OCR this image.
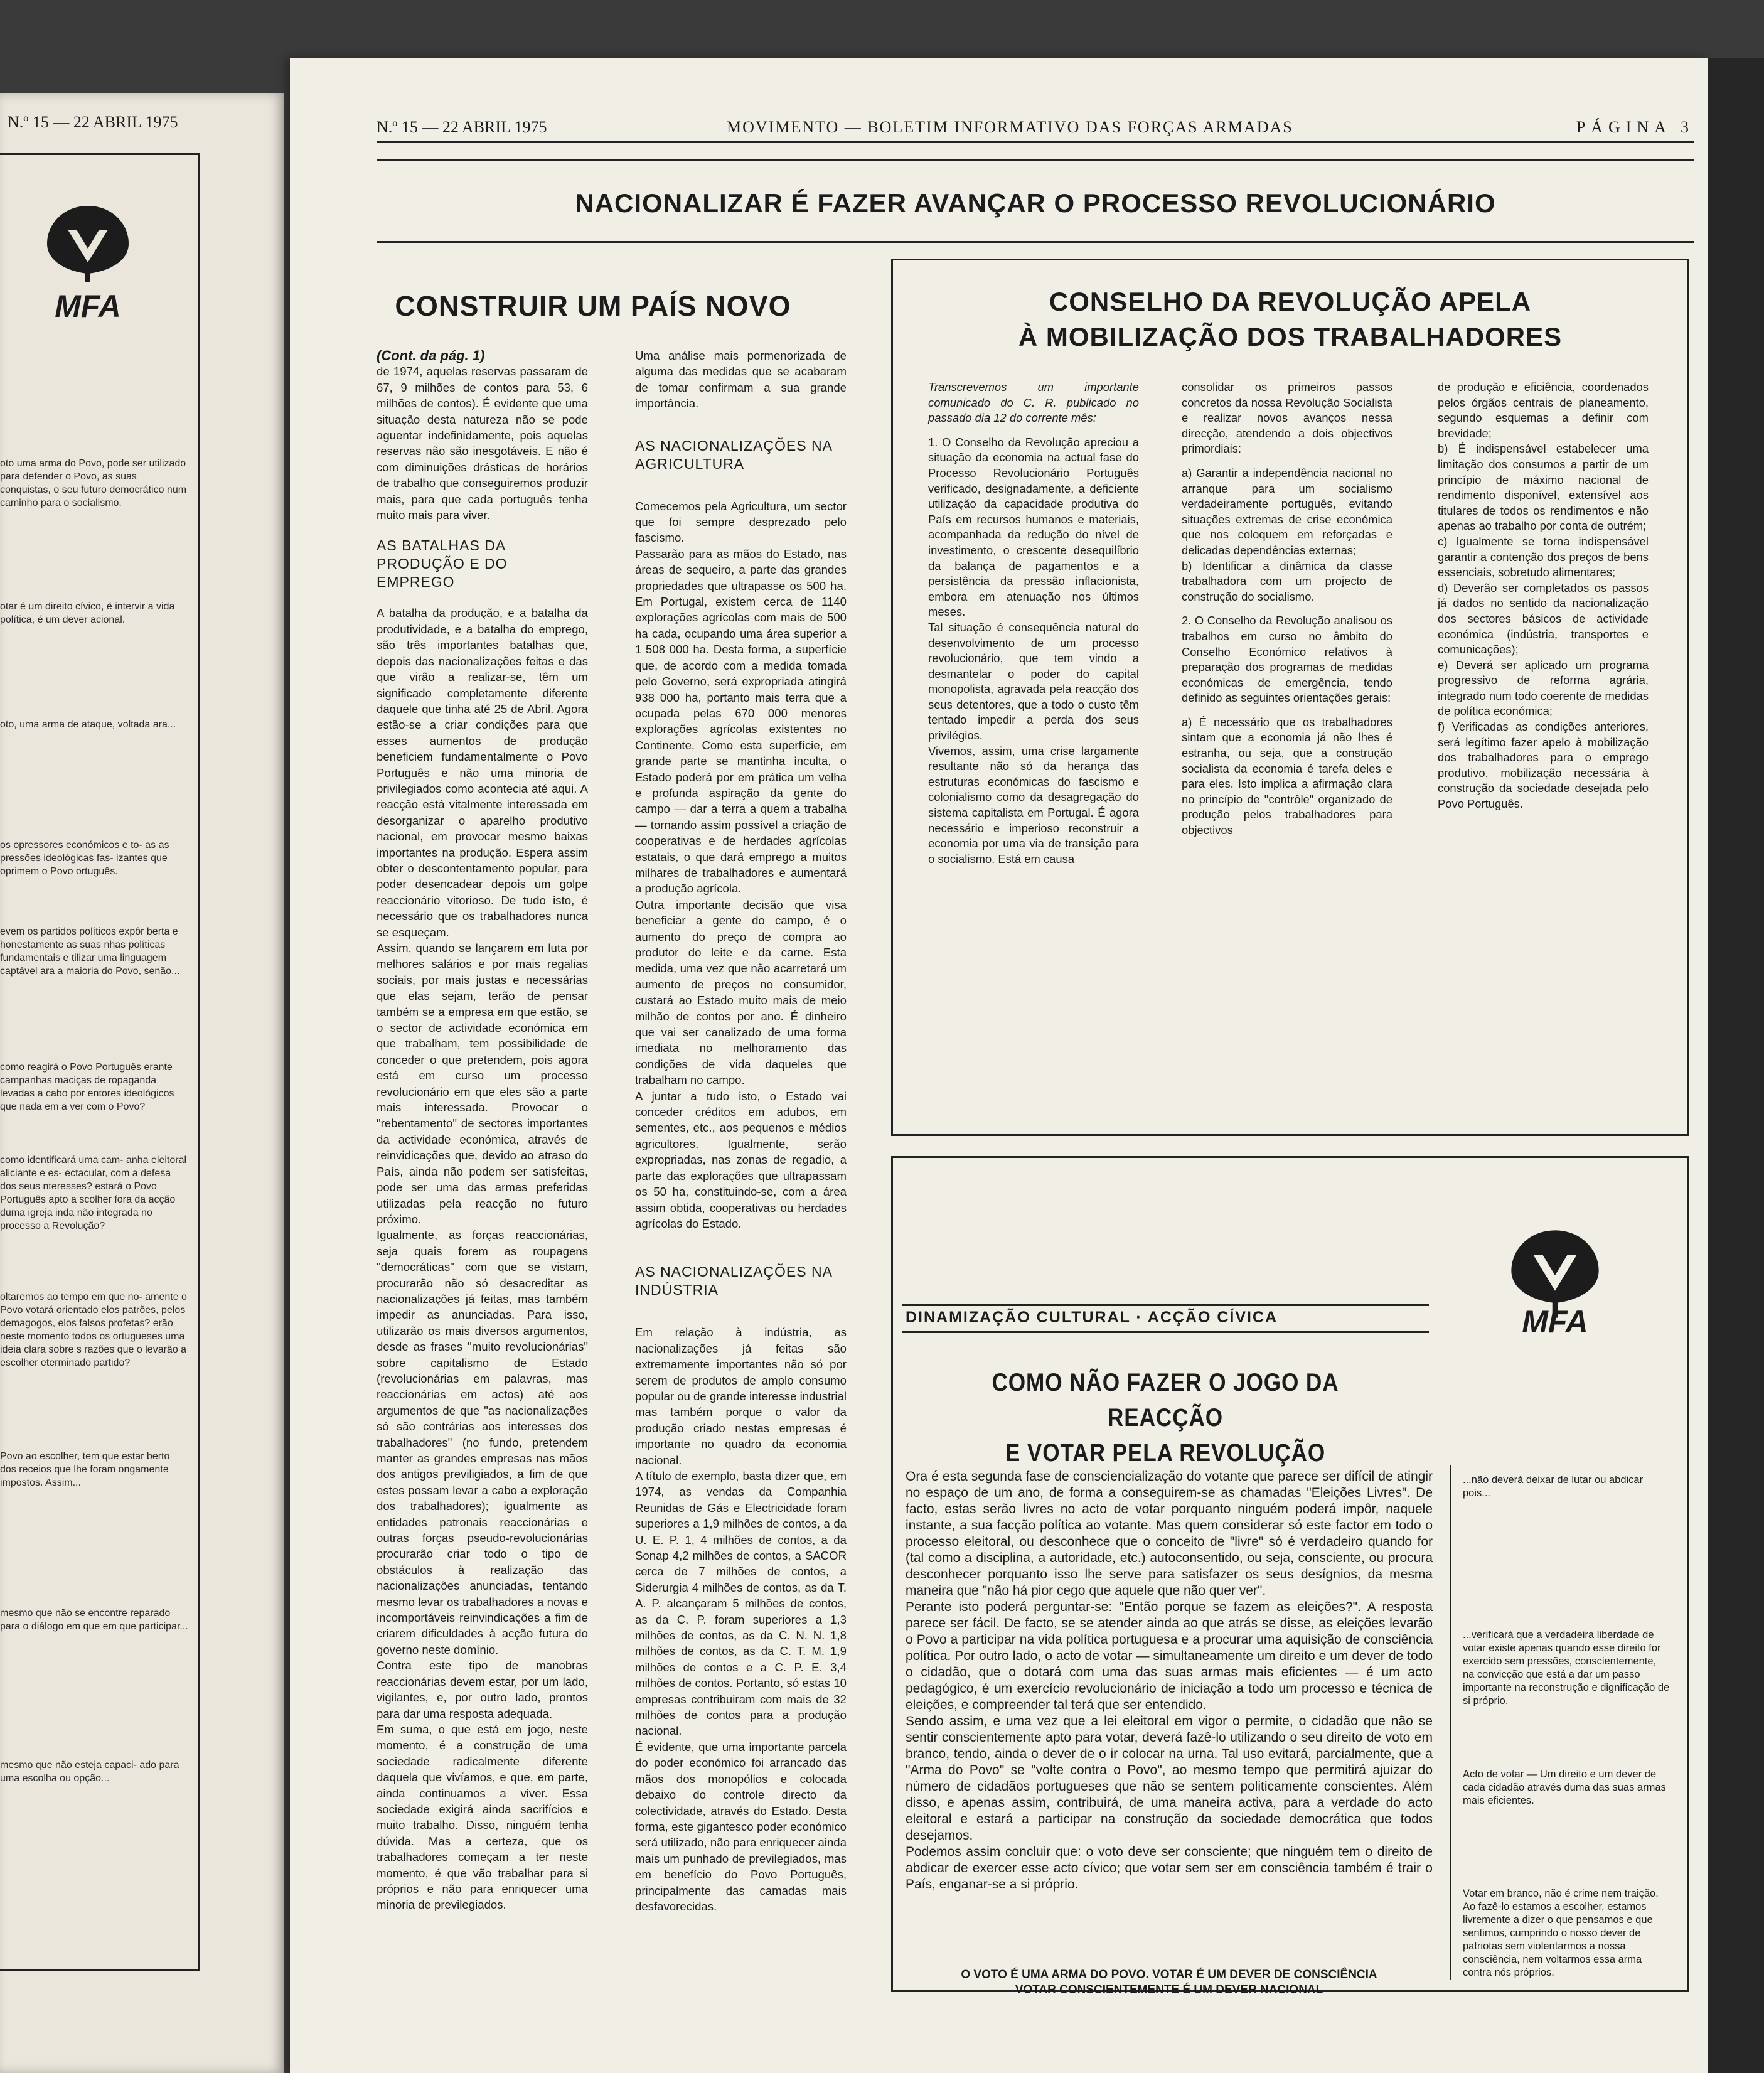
N.º 15 — 22 ABRIL 1975
MFA
oto uma arma do Povo, pode ser utilizado para defender o Povo, as suas conquistas, o seu futuro democrático num caminho para o socialismo.
otar é um direito cívico, é intervir a vida política, é um dever acional.
oto, uma arma de ataque, voltada ara...
os opressores económicos e to- as as pressões ideológicas fas- izantes que oprimem o Povo ortuguês.
evem os partidos políticos expôr berta e honestamente as suas nhas políticas fundamentais e tilizar uma linguagem captável ara a maioria do Povo, senão...
como reagirá o Povo Português erante campanhas maciças de ropaganda levadas a cabo por entores ideológicos que nada em a ver com o Povo?
como identificará uma cam- anha eleitoral aliciante e es- ectacular, com a defesa dos seus nteresses? estará o Povo Português apto a scolher fora da acção duma igreja inda não integrada no processo a Revolução?
oltaremos ao tempo em que no- amente o Povo votará orientado elos patrões, pelos demagogos, elos falsos profetas? erão neste momento todos os ortugueses uma ideia clara sobre s razões que o levarão a escolher eterminado partido?
Povo ao escolher, tem que estar berto dos receios que lhe foram ongamente impostos. Assim...
mesmo que não se encontre reparado para o diálogo em que em que participar...
mesmo que não esteja capaci- ado para uma escolha ou opção...
N.º 15 — 22 ABRIL 1975	MOVIMENTO — BOLETIM INFORMATIVO DAS FORÇAS ARMADAS	PÁGINA 3
NACIONALIZAR É FAZER AVANÇAR O PROCESSO REVOLUCIONÁRIO
CONSTRUIR UM PAÍS NOVO

(Cont. da pág. 1)

de 1974, aquelas reservas passaram de 67, 9 milhões de contos para 53, 6 milhões de contos). É evidente que uma situação desta natureza não se pode aguentar indefinidamente, pois aquelas reservas não são inesgotáveis. E não é com diminuições drásticas de horários de trabalho que conseguiremos produzir mais, para que cada português tenha muito mais para viver.

AS BATALHAS DA PRODUÇÃO E DO EMPREGO

A batalha da produção, e a batalha da produtividade, e a batalha do emprego, são três importantes batalhas que, depois das nacionalizações feitas e das que virão a realizar-se, têm um significado completamente diferente daquele que tinha até 25 de Abril. Agora estão-se a criar condições para que esses aumentos de produção beneficiem fundamentalmente o Povo Português e não uma minoria de privilegiados como acontecia até aqui. A reacção está vitalmente interessada em desorganizar o aparelho produtivo nacional, em provocar mesmo baixas importantes na produção. Espera assim obter o descontentamento popular, para poder desencadear depois um golpe reaccionário vitorioso. De tudo isto, é necessário que os trabalhadores nunca se esqueçam.

Assim, quando se lançarem em luta por melhores salários e por mais regalias sociais, por mais justas e necessárias que elas sejam, terão de pensar também se a empresa em que estão, se o sector de actividade económica em que trabalham, tem possibilidade de conceder o que pretendem, pois agora está em curso um processo revolucionário em que eles são a parte mais interessada. Provocar o "rebentamento" de sectores importantes da actividade económica, através de reinvidicações que, devido ao atraso do País, ainda não podem ser satisfeitas, pode ser uma das armas preferidas utilizadas pela reacção no futuro próximo.

Igualmente, as forças reaccionárias, seja quais forem as roupagens "democráticas" com que se vistam, procurarão não só desacreditar as nacionalizações já feitas, mas também impedir as anunciadas. Para isso, utilizarão os mais diversos argumentos, desde as frases "muito revolucionárias" sobre capitalismo de Estado (revolucionárias em palavras, mas reaccionárias em actos) até aos argumentos de que "as nacionalizações só são contrárias aos interesses dos trabalhadores" (no fundo, pretendem manter as grandes empresas nas mãos dos antigos previligiados, a fim de que estes possam levar a cabo a exploração dos trabalhadores); igualmente as entidades patronais reaccionárias e outras forças pseudo-revolucionárias procurarão criar todo o tipo de obstáculos à realização das nacionalizações anunciadas, tentando mesmo levar os trabalhadores a novas e incomportáveis reinvindicações a fim de criarem dificuldades à acção futura do governo neste domínio.

Contra este tipo de manobras reaccionárias devem estar, por um lado, vigilantes, e, por outro lado, prontos para dar uma resposta adequada.

Em suma, o que está em jogo, neste momento, é a construção de uma sociedade radicalmente diferente daquela que vivíamos, e que, em parte, ainda continuamos a viver. Essa sociedade exigirá ainda sacrifícios e muito trabalho. Disso, ninguém tenha dúvida. Mas a certeza, que os trabalhadores começam a ter neste momento, é que vão trabalhar para si próprios e não para enriquecer uma minoria de previlegiados.

Uma análise mais pormenorizada de alguma das medidas que se acabaram de tomar confirmam a sua grande importância.

AS NACIONALIZAÇÕES NA AGRICULTURA

Comecemos pela Agricultura, um sector que foi sempre desprezado pelo fascismo.

Passarão para as mãos do Estado, nas áreas de sequeiro, a parte das grandes propriedades que ultrapasse os 500 ha. Em Portugal, existem cerca de 1140 explorações agrícolas com mais de 500 ha cada, ocupando uma área superior a 1 508 000 ha. Desta forma, a superfície que, de acordo com a medida tomada pelo Governo, será expropriada atingirá 938 000 ha, portanto mais terra que a ocupada pelas 670 000 menores explorações agrícolas existentes no Continente. Como esta superfície, em grande parte se mantinha inculta, o Estado poderá por em prática um velha e profunda aspiração da gente do campo — dar a terra a quem a trabalha — tornando assim possível a criação de cooperativas e de herdades agrícolas estatais, o que dará emprego a muitos milhares de trabalhadores e aumentará a produção agrícola.

Outra importante decisão que visa beneficiar a gente do campo, é o aumento do preço de compra ao produtor do leite e da carne. Esta medida, uma vez que não acarretará um aumento de preços no consumidor, custará ao Estado muito mais de meio milhão de contos por ano. É dinheiro que vai ser canalizado de uma forma imediata no melhoramento das condições de vida daqueles que trabalham no campo.

A juntar a tudo isto, o Estado vai conceder créditos em adubos, em sementes, etc., aos pequenos e médios agricultores. Igualmente, serão expropriadas, nas zonas de regadio, a parte das explorações que ultrapassam os 50 ha, constituindo-se, com a área assim obtida, cooperativas ou herdades agrícolas do Estado.

AS NACIONALIZAÇÕES NA INDÚSTRIA

Em relação à indústria, as nacionalizações já feitas são extremamente importantes não só por serem de produtos de amplo consumo popular ou de grande interesse industrial mas também porque o valor da produção criado nestas empresas é importante no quadro da economia nacional.

A título de exemplo, basta dizer que, em 1974, as vendas da Companhia Reunidas de Gás e Electricidade foram superiores a 1,9 milhões de contos, a da U. E. P. 1, 4 milhões de contos, a da Sonap 4,2 milhões de contos, a SACOR cerca de 7 milhões de contos, a Siderurgia 4 milhões de contos, as da T. A. P. alcançaram 5 milhões de contos, as da C. P. foram superiores a 1,3 milhões de contos, as da C. N. N. 1,8 milhões de contos, as da C. T. M. 1,9 milhões de contos e a C. P. E. 3,4 milhões de contos. Portanto, só estas 10 empresas contribuiram com mais de 32 milhões de contos para a produção nacional.

É evidente, que uma importante parcela do poder económico foi arrancado das mãos dos monopólios e colocada debaixo do controle directo da colectividade, através do Estado. Desta forma, este gigantesco poder económico será utilizado, não para enriquecer ainda mais um punhado de previlegiados, mas em benefício do Povo Português, principalmente das camadas mais desfavorecidas.

CONSELHO DA REVOLUÇÃO APELA
À MOBILIZAÇÃO DOS TRABALHADORES

Transcrevemos um importante comunicado do C. R. publicado no passado dia 12 do corrente mês:

1. O Conselho da Revolução apreciou a situação da economia na actual fase do Processo Revolucionário Português verificado, designadamente, a deficiente utilização da capacidade produtiva do País em recursos humanos e materiais, acompanhada da redução do nível de investimento, o crescente desequilíbrio da balança de pagamentos e a persistência da pressão inflacionista, embora em atenuação nos últimos meses.

Tal situação é consequência natural do desenvolvimento de um processo revolucionário, que tem vindo a desmantelar o poder do capital monopolista, agravada pela reacção dos seus detentores, que a todo o custo têm tentado impedir a perda dos seus privilégios.

Vivemos, assim, uma crise largamente resultante não só da herança das estruturas económicas do fascismo e colonialismo como da desagregação do sistema capitalista em Portugal. É agora necessário e imperioso reconstruir a economia por uma via de transição para o socialismo. Está em causa

consolidar os primeiros passos concretos da nossa Revolução Socialista e realizar novos avanços nessa direcção, atendendo a dois objectivos primordiais:

a) Garantir a independência nacional no arranque para um socialismo verdadeiramente português, evitando situações extremas de crise económica que nos coloquem em reforçadas e delicadas dependências externas;

b) Identificar a dinâmica da classe trabalhadora com um projecto de construção do socialismo.

2. O Conselho da Revolução analisou os trabalhos em curso no âmbito do Conselho Económico relativos à preparação dos programas de medidas económicas de emergência, tendo definido as seguintes orientações gerais:

a) É necessário que os trabalhadores sintam que a economia já não lhes é estranha, ou seja, que a construção socialista da economia é tarefa deles e para eles. Isto implica a afirmação clara no princípio de "contrôle" organizado de produção pelos trabalhadores para objectivos

de produção e eficiência, coordenados pelos órgãos centrais de planeamento, segundo esquemas a definir com brevidade;

b) É indispensável estabelecer uma limitação dos consumos a partir de um princípio de máximo nacional de rendimento disponível, extensível aos titulares de todos os rendimentos e não apenas ao trabalho por conta de outrém;

c) Igualmente se torna indispensável garantir a contenção dos preços de bens essenciais, sobretudo alimentares;

d) Deverão ser completados os passos já dados no sentido da nacionalização dos sectores básicos de actividade económica (indústria, transportes e comunicações);

e) Deverá ser aplicado um programa progressivo de reforma agrária, integrado num todo coerente de medidas de política económica;

f) Verificadas as condições anteriores, será legítimo fazer apelo à mobilização dos trabalhadores para o emprego produtivo, mobilização necessária à construção da sociedade desejada pelo Povo Português.

MFA
DINAMIZAÇÃO CULTURAL · ACÇÃO CÍVICA
COMO NÃO FAZER O JOGO DA REACÇÃO
E VOTAR PELA REVOLUÇÃO

Ora é esta segunda fase de consciencialização do votante que parece ser difícil de atingir no espaço de um ano, de forma a conseguirem-se as chamadas "Eleições Livres". De facto, estas serão livres no acto de votar porquanto ninguém poderá impôr, naquele instante, a sua facção política ao votante. Mas quem considerar só este factor em todo o processo eleitoral, ou desconhece que o conceito de "livre" só é verdadeiro quando for (tal como a disciplina, a autoridade, etc.) autoconsentido, ou seja, consciente, ou procura desconhecer porquanto isso lhe serve para satisfazer os seus desígnios, da mesma maneira que "não há pior cego que aquele que não quer ver".

Perante isto poderá perguntar-se: "Então porque se fazem as eleições?". A resposta parece ser fácil. De facto, se se atender ainda ao que atrás se disse, as eleições levarão o Povo a participar na vida política portuguesa e a procurar uma aquisição de consciência política. Por outro lado, o acto de votar — simultaneamente um direito e um dever de todo o cidadão, que o dotará com uma das suas armas mais eficientes — é um acto pedagógico, é um exercício revolucionário de iniciação a todo um processo e técnica de eleições, e compreender tal terá que ser entendido.

Sendo assim, e uma vez que a lei eleitoral em vigor o permite, o cidadão que não se sentir conscientemente apto para votar, deverá fazê-lo utilizando o seu direito de voto em branco, tendo, ainda o dever de o ir colocar na urna. Tal uso evitará, parcialmente, que a "Arma do Povo" se "volte contra o Povo", ao mesmo tempo que permitirá ajuizar do número de cidadãos portugueses que não se sentem politicamente conscientes. Além disso, e apenas assim, contribuirá, de uma maneira activa, para a verdade do acto eleitoral e estará a participar na construção da sociedade democrática que todos desejamos.

Podemos assim concluir que: o voto deve ser consciente; que ninguém tem o direito de abdicar de exercer esse acto cívico; que votar sem ser em consciência também é trair o País, enganar-se a si próprio.

O VOTO É UMA ARMA DO POVO. VOTAR É UM DEVER DE CONSCIÊNCIA
VOTAR CONSCIENTEMENTE É UM DEVER NACIONAL
...não deverá deixar de lutar ou abdicar pois...
...verificará que a verdadeira liberdade de votar existe apenas quando esse direito for exercido sem pressões, conscientemente, na convicção que está a dar um passo importante na reconstrução e dignificação de si próprio.
Acto de votar — Um direito e um dever de cada cidadão através duma das suas armas mais eficientes.
Votar em branco, não é crime nem traição. Ao fazê-lo estamos a escolher, estamos livremente a dizer o que pensamos e que sentimos, cumprindo o nosso dever de patriotas sem violentarmos a nossa consciência, nem voltarmos essa arma contra nós próprios.
